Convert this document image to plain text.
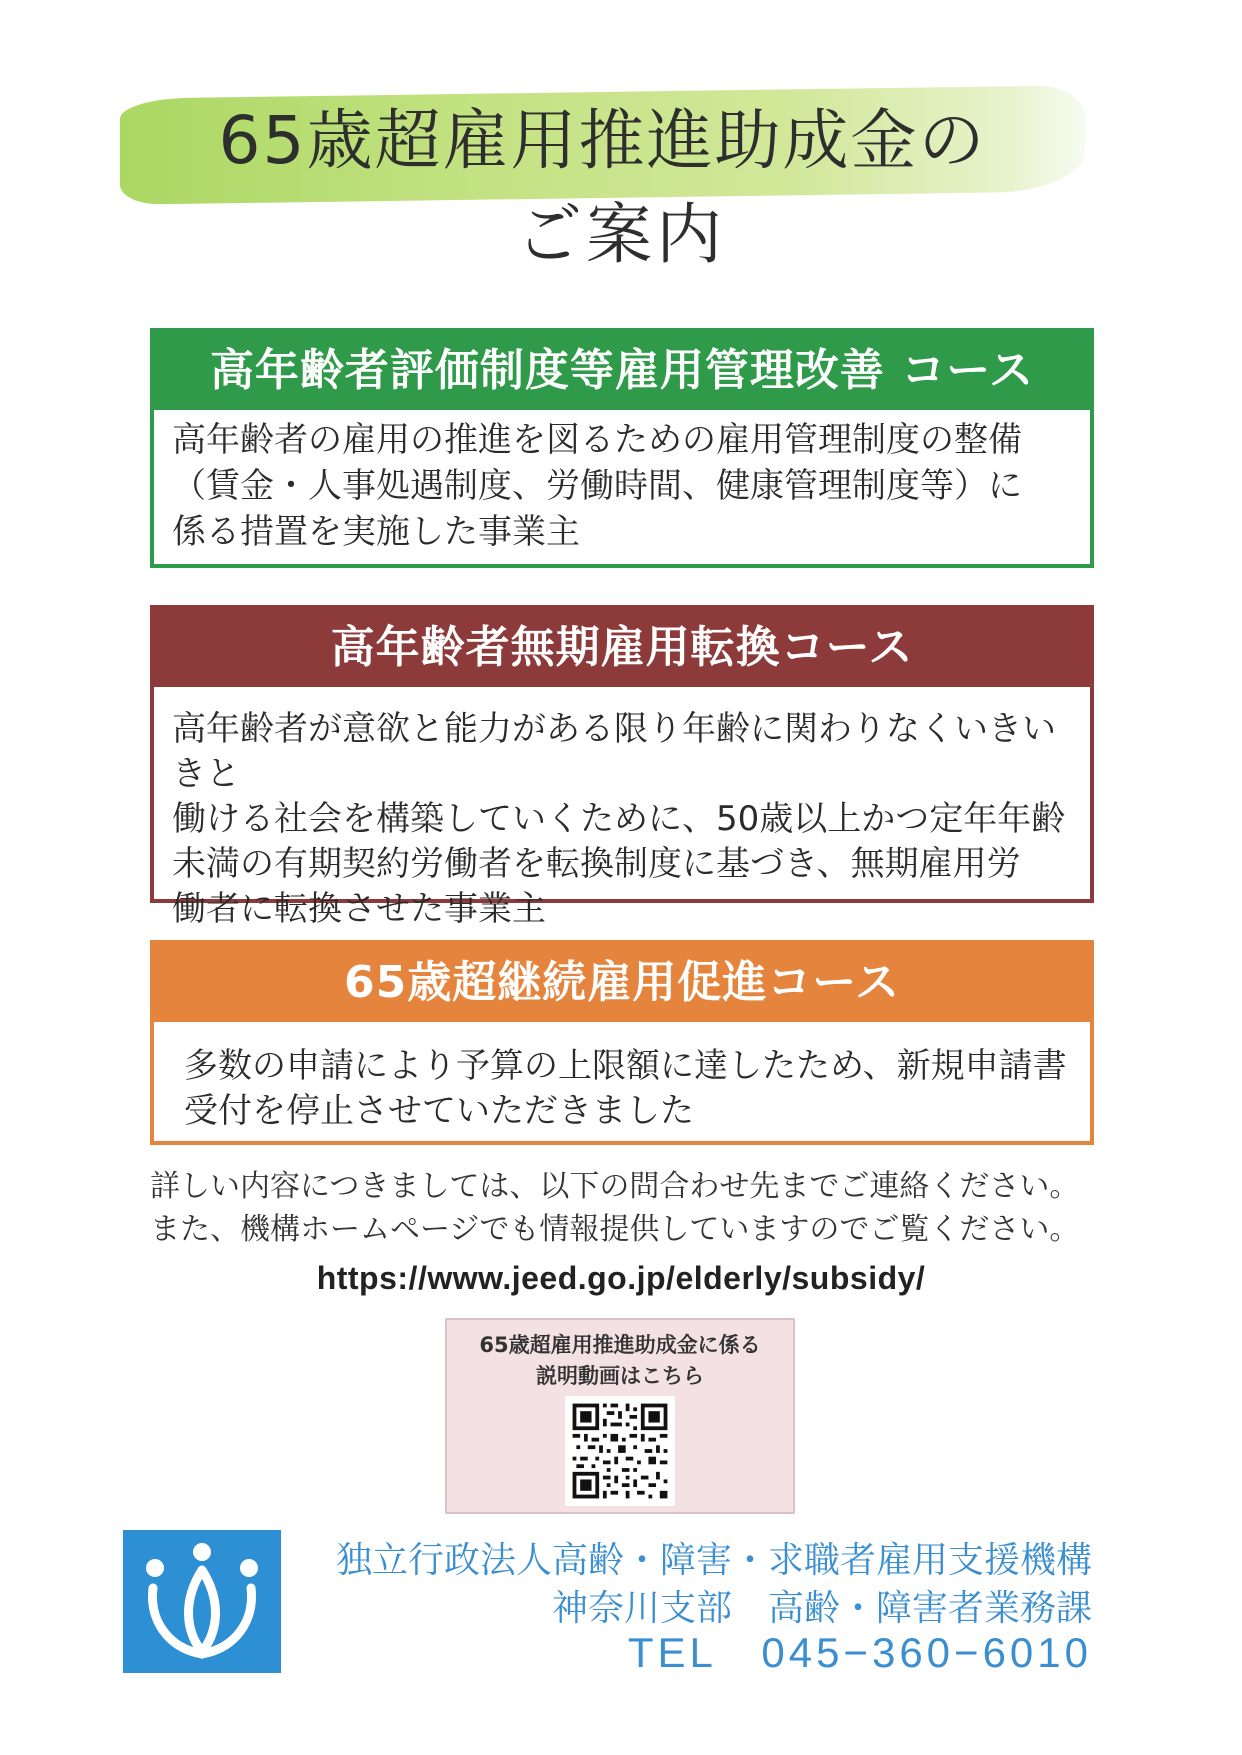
65歳超雇用推進助成金の
ご案内
高年齢者評価制度等雇用管理改善 コース
高年齢者の雇用の推進を図るための雇用管理制度の整備
（賃金・人事処遇制度、労働時間、健康管理制度等）に
係る措置を実施した事業主
高年齢者無期雇用転換コース
高年齢者が意欲と能力がある限り年齢に関わりなくいきいきと
働ける社会を構築していくために、50歳以上かつ定年年齢
未満の有期契約労働者を転換制度に基づき、無期雇用労
働者に転換させた事業主
65歳超継続雇用促進コース
多数の申請により予算の上限額に達したため、新規申請書
受付を停止させていただきました
詳しい内容につきましては、以下の問合わせ先までご連絡ください。
また、機構ホームページでも情報提供していますのでご覧ください。
https://www.jeed.go.jp/elderly/subsidy/
65歳超雇用推進助成金に係る
説明動画はこちら
独立行政法人高齢・障害・求職者雇用支援機構
神奈川支部　高齢・障害者業務課
TEL　045−360−6010
